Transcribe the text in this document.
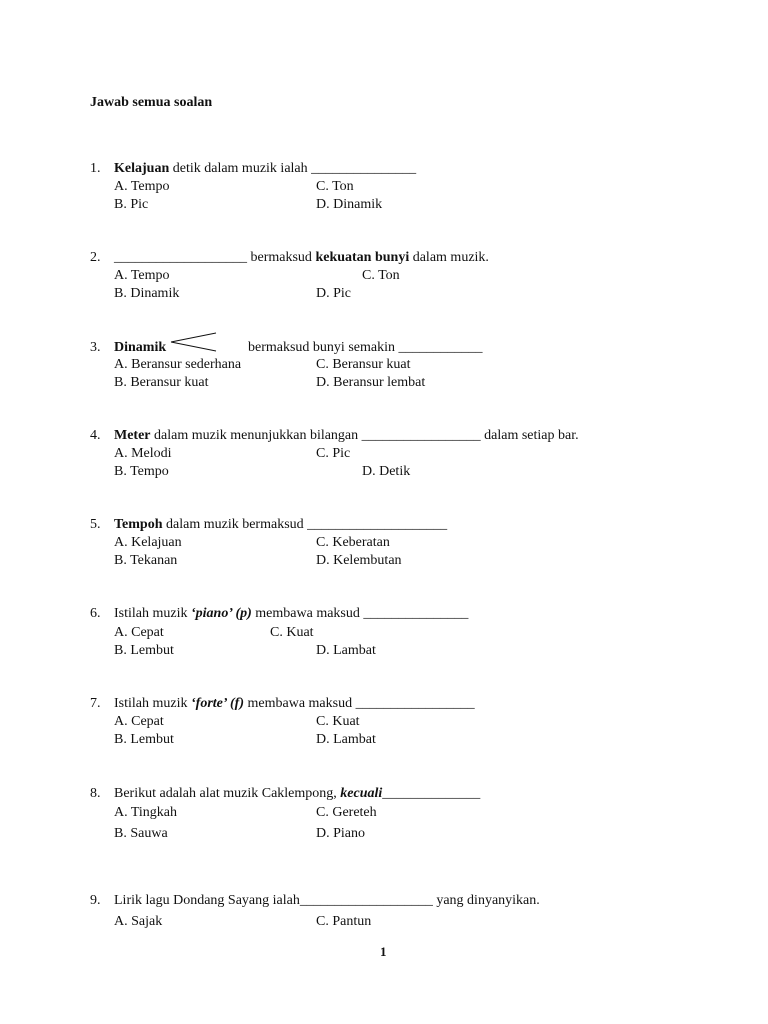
Jawab semua soalan
1. Kelajuan detik dalam muzik ialah _______________
A. Tempo
B. Pic
C. Ton
D. Dinamik
2. ___________________ bermaksud kekuatan bunyi dalam muzik.
A. Tempo
B. Dinamik
C. Ton
D. Pic
3. Dinamik	bermaksud bunyi semakin ____________
A. Beransur sederhana
B. Beransur kuat
C. Beransur kuat
D. Beransur lembat
4. Meter dalam muzik menunjukkan bilangan _________________ dalam setiap bar.
A. Melodi
B. Tempo
C. Pic
D. Detik
5. Tempoh dalam muzik bermaksud ____________________
A. Kelajuan
B. Tekanan
C. Keberatan
D. Kelembutan
6. Istilah muzik ‘piano’ (p) membawa maksud _______________
A. Cepat
B. Lembut
C. Kuat
D. Lambat
7. Istilah muzik ‘forte’ (f) membawa maksud _________________
A. Cepat
B. Lembut
C. Kuat
D. Lambat
8. Berikut adalah alat muzik Caklempong, kecuali______________
A. Tingkah
B. Sauwa
C. Gereteh
D. Piano
9. Lirik lagu Dondang Sayang ialah___________________ yang dinyanyikan.
A. Sajak	C. Pantun
1
